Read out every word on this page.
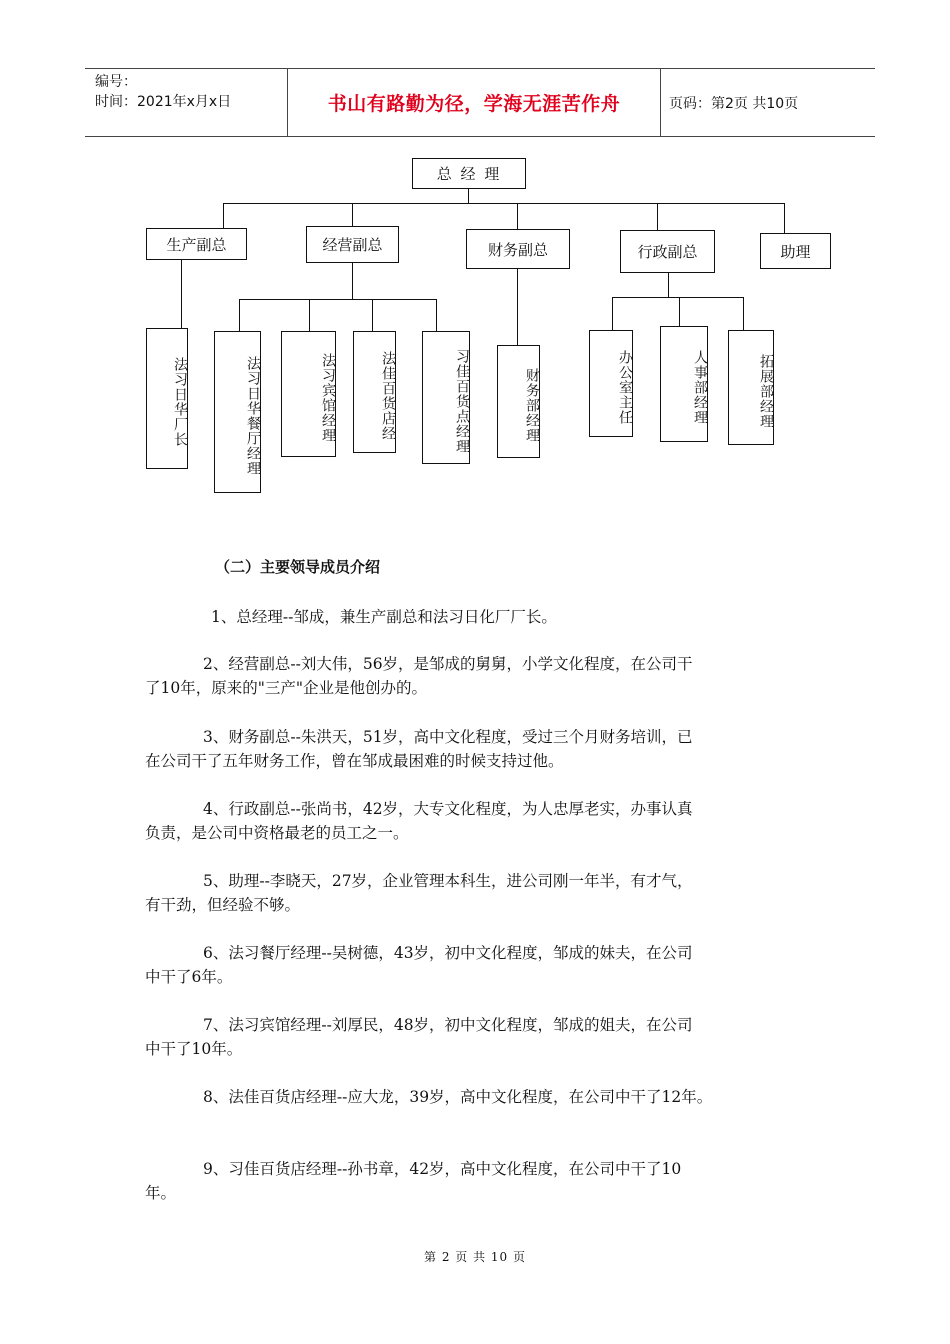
编号：
时间：2021年x月x日	书山有路勤为径，学海无涯苦作舟	页码：第2页 共10页
总 经 理
生产副总	经营副总	财务副总	行政副总	助理
法习日华厂长	法习日华餐厅经理	法习宾馆经理	法佳百货店经	习佳百货点经理	财务部经理	办公室主任	人事部经理	拓展部经理
（二）主要领导成员介绍
1、总经理--邹成，兼生产副总和法习日化厂厂长。
2、经营副总--刘大伟，56岁，是邹成的舅舅，小学文化程度，在公司干
了10年，原来的"三产"企业是他创办的。
3、财务副总--朱洪天，51岁，高中文化程度，受过三个月财务培训，已
在公司干了五年财务工作，曾在邹成最困难的时候支持过他。
4、行政副总--张尚书，42岁，大专文化程度，为人忠厚老实，办事认真
负责，是公司中资格最老的员工之一。
5、助理--李晓天，27岁，企业管理本科生，进公司刚一年半，有才气，
有干劲，但经验不够。
6、法习餐厅经理--吴树德，43岁，初中文化程度，邹成的妹夫，在公司
中干了6年。
7、法习宾馆经理--刘厚民，48岁，初中文化程度，邹成的姐夫，在公司
中干了10年。
8、法佳百货店经理--应大龙，39岁，高中文化程度，在公司中干了12年。
9、习佳百货店经理--孙书章，42岁，高中文化程度，在公司中干了10
年。
第 2 页 共 10 页
